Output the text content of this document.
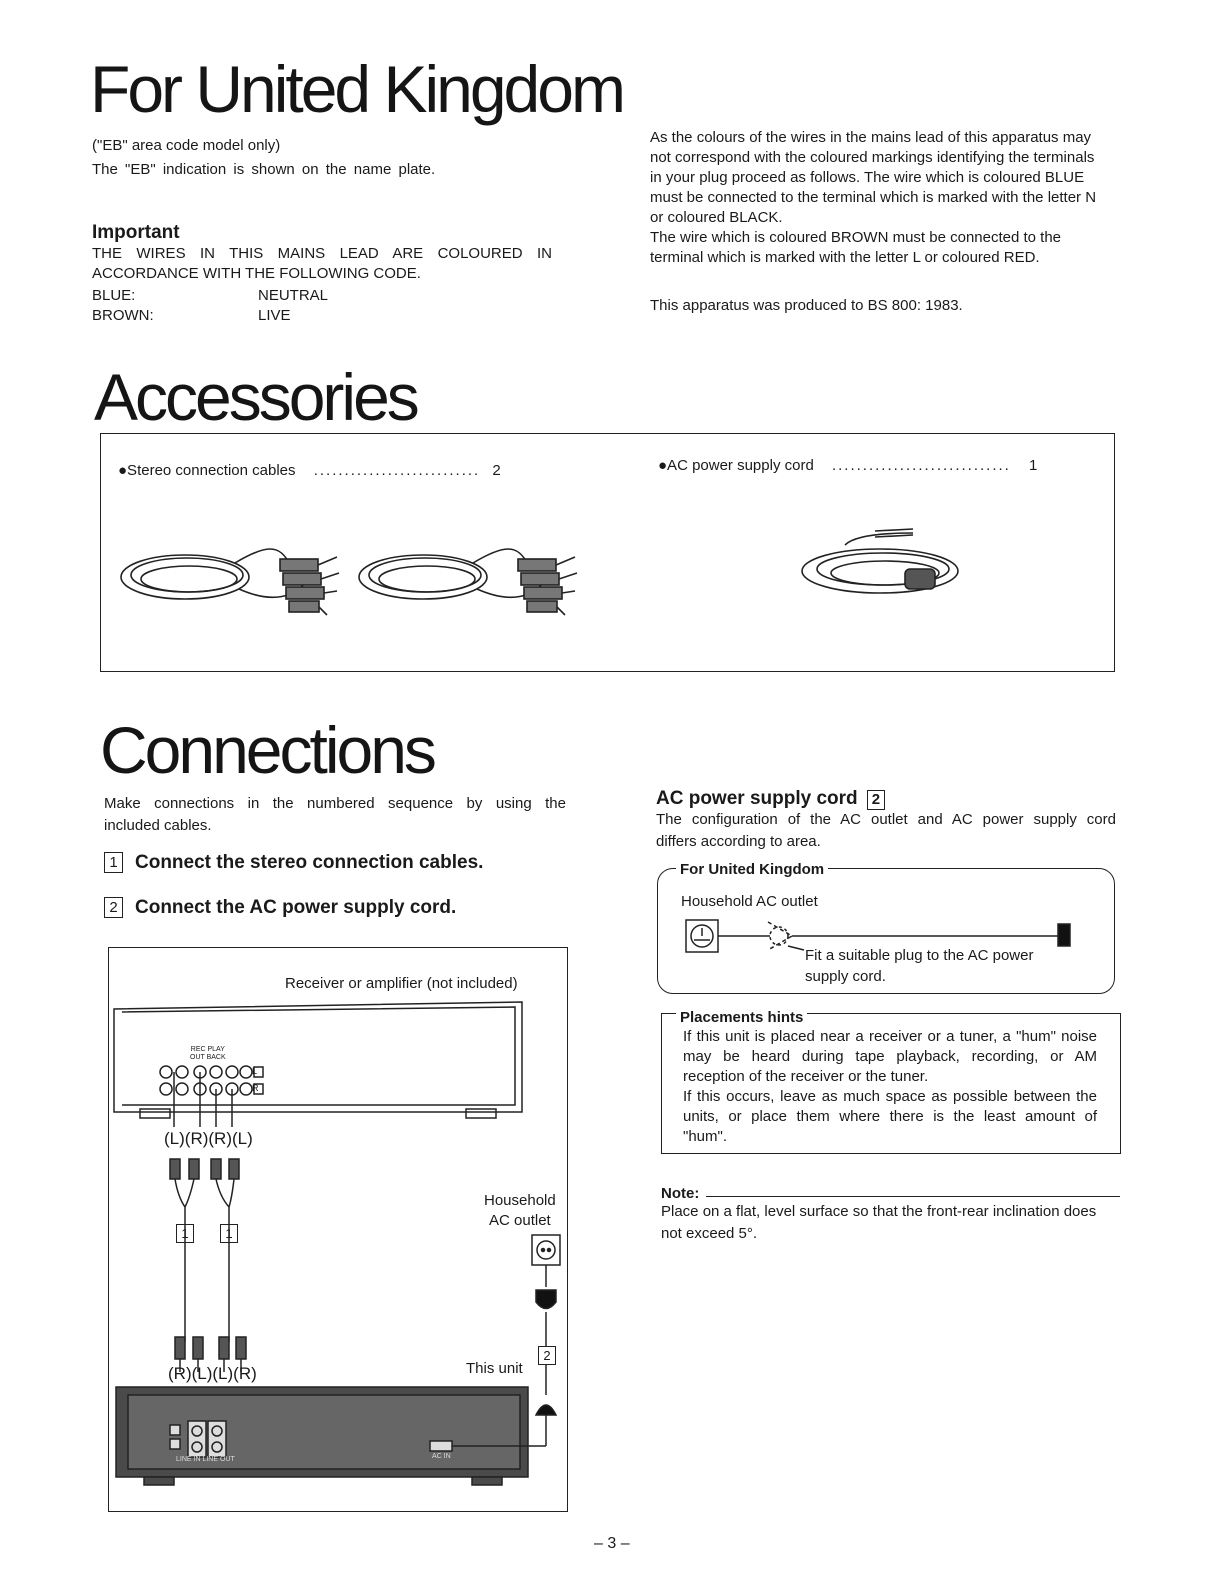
For United Kingdom
("EB" area code model only)
The "EB" indication is shown on the name plate.
Important
THE WIRES IN THIS MAINS LEAD ARE COLOURED IN
ACCORDANCE WITH THE FOLLOWING CODE.
BLUE:	NEUTRAL
BROWN:	LIVE
As the colours of the wires in the mains lead of this apparatus may
not correspond with the coloured markings identifying the terminals
in your plug proceed as follows. The wire which is coloured BLUE
must be connected to the terminal which is marked with the letter N
or coloured BLACK.
The wire which is coloured BROWN must be connected to the
terminal which is marked with the letter L or coloured RED.
This apparatus was produced to BS 800: 1983.
Accessories
●Stereo connection cables ........................... 2	●AC power supply cord ............................. 1
Connections
Make connections in the numbered sequence by using the
included cables.
1 Connect the stereo connection cables.
2 Connect the AC power supply cord.
Receiver or amplifier (not included)
REC PLAY
OUT BACK
L
R
(L)(R)(R)(L)
1	1
Household
AC outlet
2
This unit
(R)(L)(L)(R)
LINE IN LINE OUT	AC IN
AC power supply cord 2
The configuration of the AC outlet and AC power supply cord
differs according to area.
For United Kingdom
Household AC outlet
Fit a suitable plug to the AC power
supply cord.
Placements hints
If this unit is placed near a receiver or a tuner, a "hum" noise
may be heard during tape playback, recording, or AM
reception of the receiver or the tuner.
If this occurs, leave as much space as possible between the
units, or place them where there is the least amount of
"hum".
Note:
Place on a flat, level surface so that the front-rear inclination does
not exceed 5°.
– 3 –
